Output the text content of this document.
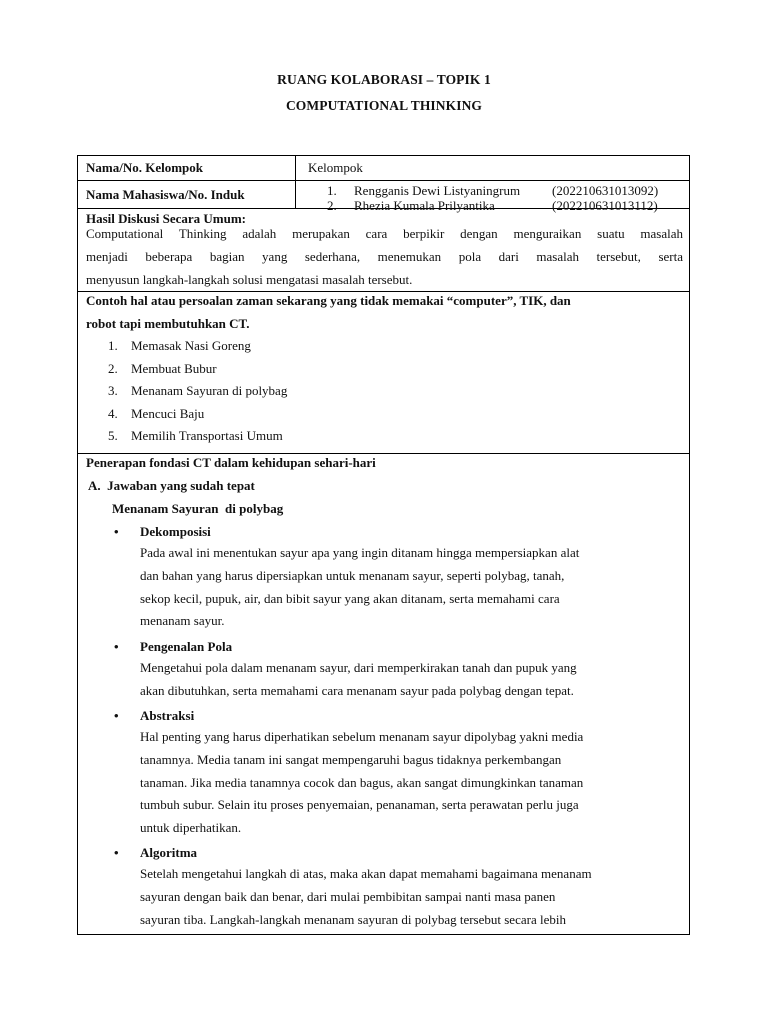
RUANG KOLABORASI – TOPIK 1
COMPUTATIONAL THINKING
Nama/No. Kelompok	Kelompok
Nama Mahasiswa/No. Induk	1. Rengganis Dewi Listyaningrum (202210631013092)
2. Rhezia Kumala Prilyantika	(202210631013112)
Hasil Diskusi Secara Umum:
Computational Thinking adalah merupakan cara berpikir dengan menguraikan suatu masalah
menjadi beberapa bagian yang sederhana, menemukan pola dari masalah tersebut, serta
menyusun langkah-langkah solusi mengatasi masalah tersebut.
Contoh hal atau persoalan zaman sekarang yang tidak memakai “computer”, TIK, dan
robot tapi membutuhkan CT.
1. Memasak Nasi Goreng
2. Membuat Bubur
3. Menanam Sayuran di polybag
4. Mencuci Baju
5. Memilih Transportasi Umum
Penerapan fondasi CT dalam kehidupan sehari-hari
A.  Jawaban yang sudah tepat
Menanam Sayuran  di polybag
• Dekomposisi
Pada awal ini menentukan sayur apa yang ingin ditanam hingga mempersiapkan alat
dan bahan yang harus dipersiapkan untuk menanam sayur, seperti polybag, tanah,
sekop kecil, pupuk, air, dan bibit sayur yang akan ditanam, serta memahami cara
menanam sayur.
• Pengenalan Pola
Mengetahui pola dalam menanam sayur, dari memperkirakan tanah dan pupuk yang
akan dibutuhkan, serta memahami cara menanam sayur pada polybag dengan tepat.
• Abstraksi
Hal penting yang harus diperhatikan sebelum menanam sayur dipolybag yakni media
tanamnya. Media tanam ini sangat mempengaruhi bagus tidaknya perkembangan
tanaman. Jika media tanamnya cocok dan bagus, akan sangat dimungkinkan tanaman
tumbuh subur. Selain itu proses penyemaian, penanaman, serta perawatan perlu juga
untuk diperhatikan.
• Algoritma
Setelah mengetahui langkah di atas, maka akan dapat memahami bagaimana menanam
sayuran dengan baik dan benar, dari mulai pembibitan sampai nanti masa panen
sayuran tiba. Langkah-langkah menanam sayuran di polybag tersebut secara lebih
